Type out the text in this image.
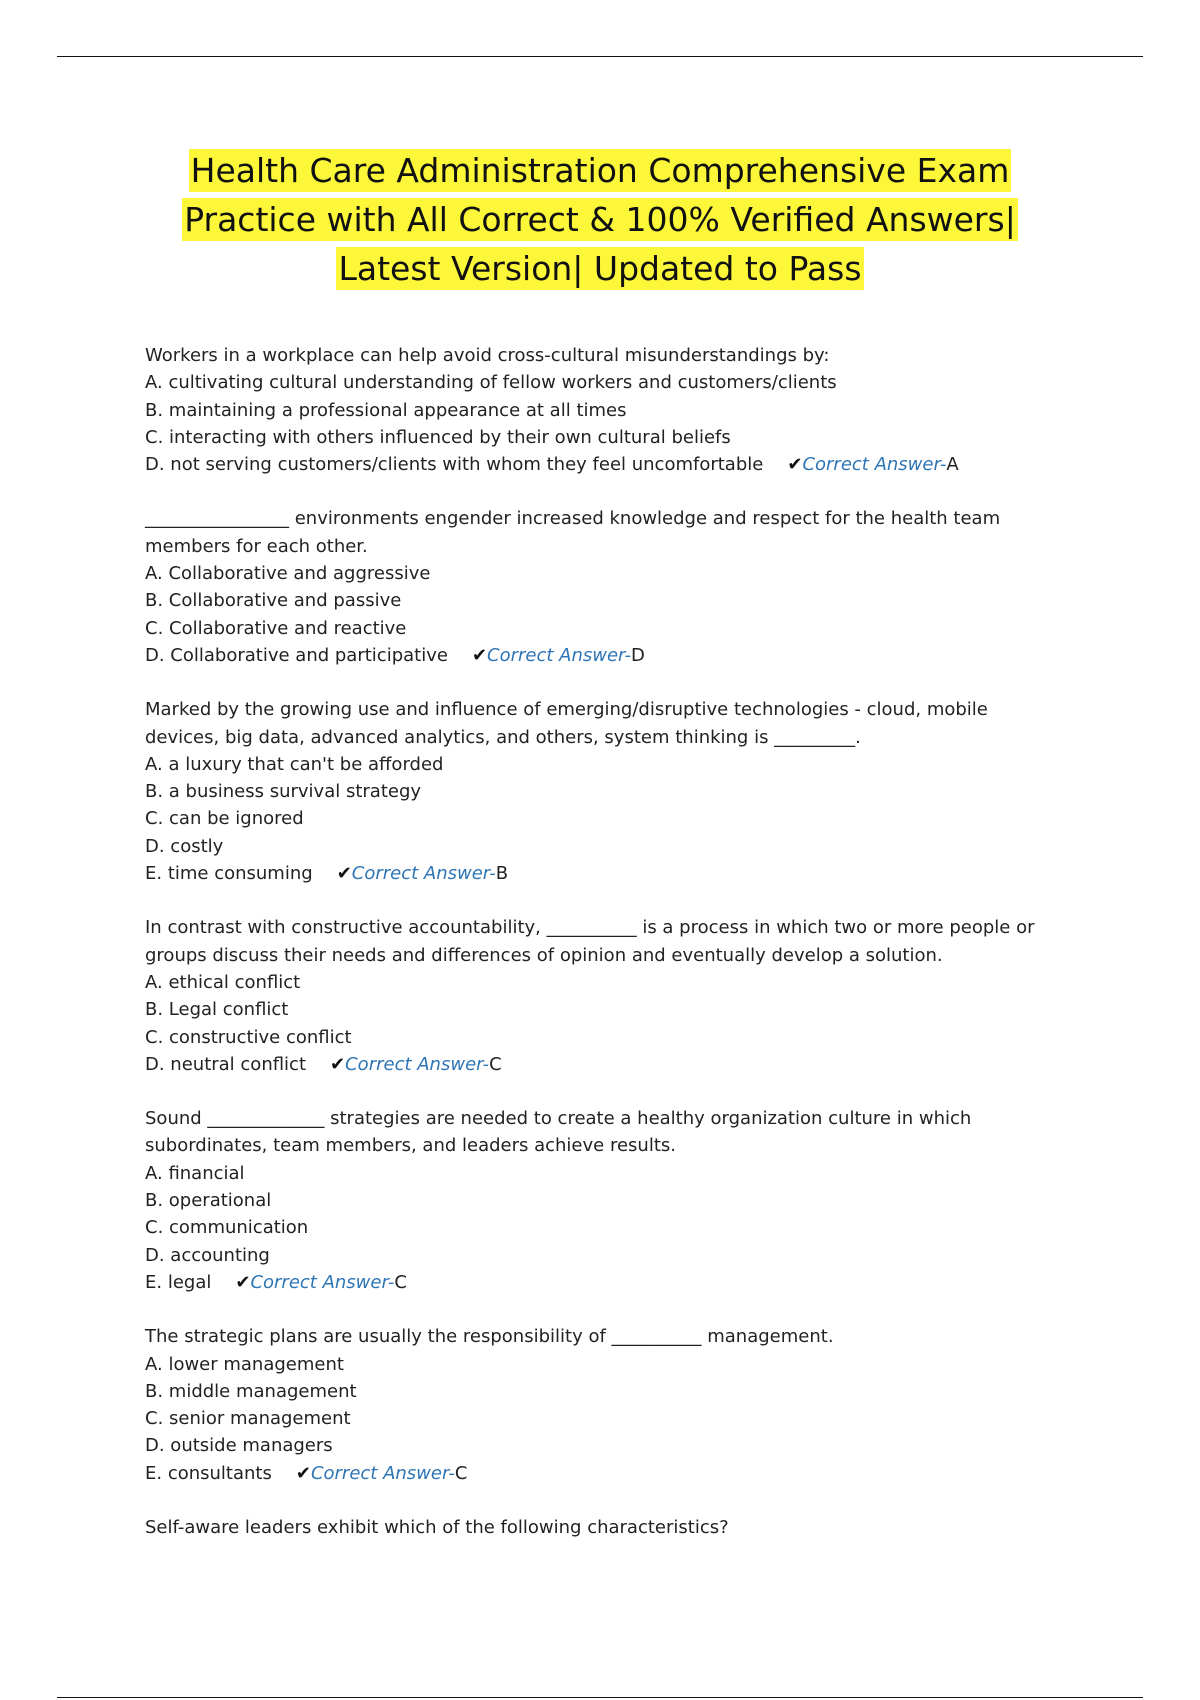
Health Care Administration Comprehensive Exam
Practice with All Correct & 100% Verified Answers|
Latest Version| Updated to Pass
Workers in a workplace can help avoid cross-cultural misunderstandings by:
A. cultivating cultural understanding of fellow workers and customers/clients
B. maintaining a professional appearance at all times
C. interacting with others influenced by their own cultural beliefs
D. not serving customers/clients with whom they feel uncomfortable ✔Correct Answer-A
________________ environments engender increased knowledge and respect for the health team members for each other.
A. Collaborative and aggressive
B. Collaborative and passive
C. Collaborative and reactive
D. Collaborative and participative ✔Correct Answer-D
Marked by the growing use and influence of emerging/disruptive technologies - cloud, mobile devices, big data, advanced analytics, and others, system thinking is _________.
A. a luxury that can't be afforded
B. a business survival strategy
C. can be ignored
D. costly
E. time consuming ✔Correct Answer-B
In contrast with constructive accountability, __________ is a process in which two or more people or groups discuss their needs and differences of opinion and eventually develop a solution.
A. ethical conflict
B. Legal conflict
C. constructive conflict
D. neutral conflict ✔Correct Answer-C
Sound _____________ strategies are needed to create a healthy organization culture in which subordinates, team members, and leaders achieve results.
A. financial
B. operational
C. communication
D. accounting
E. legal ✔Correct Answer-C
The strategic plans are usually the responsibility of __________ management.
A. lower management
B. middle management
C. senior management
D. outside managers
E. consultants ✔Correct Answer-C
Self-aware leaders exhibit which of the following characteristics?
